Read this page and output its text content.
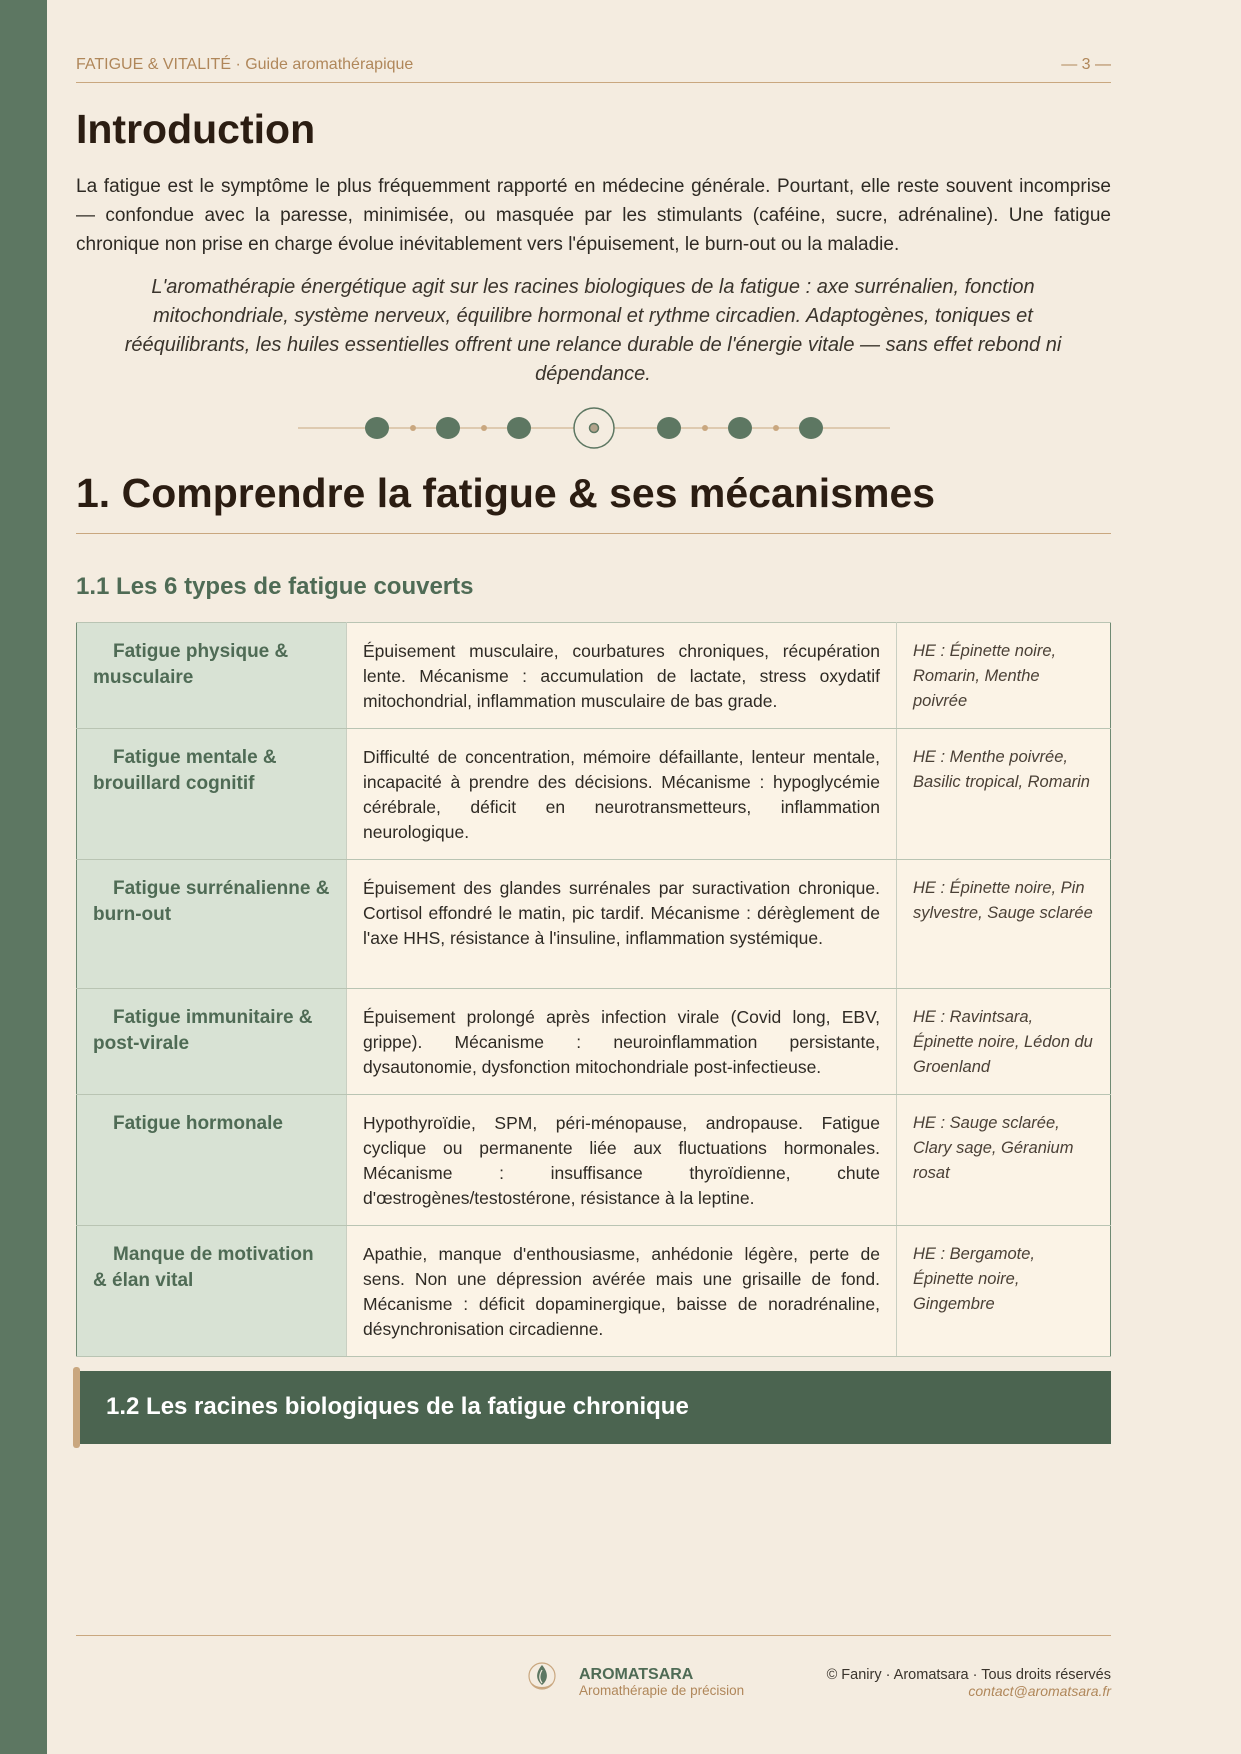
FATIGUE & VITALITÉ · Guide aromathérapique	— 3 —
Introduction

La fatigue est le symptôme le plus fréquemment rapporté en médecine générale. Pourtant, elle reste souvent incomprise — confondue avec la paresse, minimisée, ou masquée par les stimulants (caféine, sucre, adrénaline). Une fatigue chronique non prise en charge évolue inévitablement vers l'épuisement, le burn-out ou la maladie.

L'aromathérapie énergétique agit sur les racines biologiques de la fatigue : axe surrénalien, fonction mitochondriale, système nerveux, équilibre hormonal et rythme circadien. Adaptogènes, toniques et rééquilibrants, les huiles essentielles offrent une relance durable de l'énergie vitale — sans effet rebond ni dépendance.

1. Comprendre la fatigue & ses mécanismes
1.1 Les 6 types de fatigue couverts
Fatigue physique & musculaire	Épuisement musculaire, courbatures chroniques, récupération lente. Mécanisme : accumulation de lactate, stress oxydatif mitochondrial, inflammation musculaire de bas grade.	HE : Épinette noire, Romarin, Menthe poivrée
Fatigue mentale & brouillard cognitif	Difficulté de concentration, mémoire défaillante, lenteur mentale, incapacité à prendre des décisions. Mécanisme : hypoglycémie cérébrale, déficit en neurotransmetteurs, inflammation neurologique.	HE : Menthe poivrée, Basilic tropical, Romarin
Fatigue surrénalienne & burn-out	Épuisement des glandes surrénales par suractivation chronique. Cortisol effondré le matin, pic tardif. Mécanisme : dérèglement de l'axe HHS, résistance à l'insuline, inflammation systémique.	HE : Épinette noire, Pin sylvestre, Sauge sclarée
Fatigue immunitaire & post-virale	Épuisement prolongé après infection virale (Covid long, EBV, grippe). Mécanisme : neuroinflammation persistante, dysautonomie, dysfonction mitochondriale post-infectieuse.	HE : Ravintsara, Épinette noire, Lédon du Groenland
Fatigue hormonale	Hypothyroïdie, SPM, péri-ménopause, andropause. Fatigue cyclique ou permanente liée aux fluctuations hormonales. Mécanisme : insuffisance thyroïdienne, chute d'œstrogènes/testostérone, résistance à la leptine.	HE : Sauge sclarée, Clary sage, Géranium rosat
Manque de motivation & élan vital	Apathie, manque d'enthousiasme, anhédonie légère, perte de sens. Non une dépression avérée mais une grisaille de fond. Mécanisme : déficit dopaminergique, baisse de noradrénaline, désynchronisation circadienne.	HE : Bergamote, Épinette noire, Gingembre
1.2 Les racines biologiques de la fatigue chronique
AROMATSARA
Aromathérapie de précision
© Faniry · Aromatsara · Tous droits réservés
contact@aromatsara.fr
